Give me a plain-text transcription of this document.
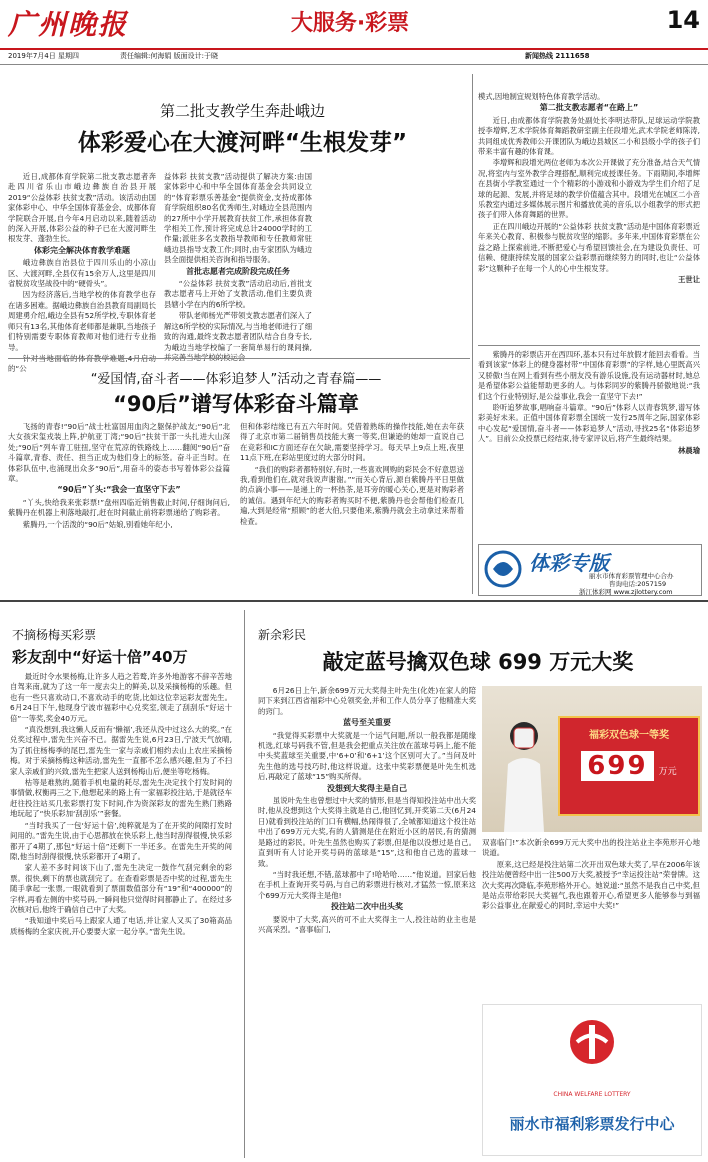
广州晚报	大服务·彩票	14
2019年7月4日 星期四	责任编辑:何海娟 版面设计:于晓	新闻热线 2111658
第二批支教学生奔赴峨边
体彩爱心在大渡河畔“生根发芽”

近日,成都体育学院第二批支教志愿者奔赴四川省乐山市峨边彝族自治县开展2019“公益体彩 扶贫支教”活动。该活动由国家体彩中心、中华全国体育基金会、成都体育学院联合开展,自今年4月启动以来,随着活动的深入开展,体彩公益的种子已在大渡河畔生根发芽、蓬勃生长。

体彩完全解决体育教学难题

峨边彝族自治县位于四川乐山的小凉山区、大渡河畔,全县仅有15余万人,这里是四川省脱贫攻坚战役中的“硬骨头”。

因为经济落后,当地学校的体育教学也存在诸多困难。据峨边彝族自治县教育局副局长周建勇介绍,峨边全县有52所学校,专职体育老师只有13名,其他体育老师都是兼职,当地孩子们特别需要专职体育教师对他们进行专业指导。

的“公

益体彩 扶贫支教”活动提供了解决方案:由国家体彩中心和中华全国体育基金会共同设立的“体育彩票乐善基金”提供资金,支持成都体育学院组织80名优秀师生,对峨边全县范围内的27所中小学开展教育扶贫工作,承担体育教学相关工作,预计将完成总计24000学时的工作量;派驻多名支教指导教师和专任教师常驻峨边县指导支教工作;同时,由专家团队为峨边县全面提供相关咨询和指导服务。

首批志愿者完成阶段完成任务

“公益体彩 扶贫支教”活动启动后,首批支教志愿者马上开始了支教活动,他们主要负责县辖小学在内的6所学校。

带队老师杨光严带领支教志愿者们深入了解这6所学校的实际情况,与当地老师进行了细致的沟通,最终支教志愿者团队结合自身专长,为峨边当地学校编了一套简单易行的课间操,

模式,因地制宜规划特色体育教学活动。

第二批支教志愿者“在路上”

近日,由成都体育学院教务处副处长李明达带队,足球运动学院教授李增辉,艺术学院体育舞蹈教研室副主任段增光,武术学院老师陈涛,共同组成优秀教师公开课团队为峨边县城区二小和县级小学的孩子们带来丰富有趣的体育课。

李增辉和段增光两位老师为本次公开课做了充分准备,结合天气情况,将室内与室外教学合理搭配,顺利完成授课任务。下雨期间,李增辉在县街小学教室通过一个个精彩的小游戏和小游戏为学生们介绍了足球的起源、发展,并将足球的教学价值蕴含其中。段增光在城区二小音乐教室内通过多媒体展示图片和播放优美的音乐,以小组教学的形式把孩子们带入体育舞蹈的世界。

正在四川峨边开展的“公益体彩 扶贫支教”活动是中国体育彩票近年来关心教育、积极参与脱贫攻坚的缩影。多年来,中国体育彩票在公益之路上探索前进,不断把爱心与希望回馈社会,在为建设负责任、可信赖、健康持续发展的国家公益彩票而继续努力的同时,也让“公益体彩”这颗种子在每一个人的心中生根发芽。

王世让
“爱国情,奋斗者——体彩追梦人”活动之青春篇——
“90后”谱写体彩奋斗篇章

飞扬的青春!“90后”战士杜富国用血肉之躯保护战友;“90后”北大女孩宋玺戎装上阵,护航亚丁湾;“90后”扶贫干部一头扎进大山深处;“90后”列车青工驻扭,坚守在荒凉的铁路线上……翻阅“90后”奋斗篇章,青春、责任、担当正成为他们身上的标签。奋斗正当时。在体彩队伍中,也涌现出众多“90后”,用奋斗的姿态书写着体彩公益篇章。

“90后”丫头:“我会一直坚守下去”

“丫头,快给我来张彩票!”盘州四临近销售截止时间,仔细询问后,紫腾丹在机器上利落地敲打,赶在时间截止前将彩票递给了购彩者。

紫腾丹,一个活泼的“90后”姑娘,别看她年纪小,

但和体彩结缘已有五六年时间。凭借着熟练的操作技能,她在去年获得了北京市第二届销售员技能大赛一等奖,但谦逊的她却一直说自己在竞彩和IC方面还存在欠缺,需要坚持学习。每天早上9点上班,夜里11点下班,在彩站里度过的大部分时间。

“我们的购彩者都特别好,有时,一些喜欢网购的彩民会不好意思送我,看到他们在,就对我说声谢谢。”“而关心背后,源自紫腾丹平日里做的点滴小事——是递上的一杯热茶,是耳旁的暖心关心,更是对购彩者的诚信。遇到年纪大的购彩者购买时不便,紫腾丹也会帮他们检查几遍,大到是经常“照顾”的老大伯,只要他来,紫腾丹就会主动拿过来帮着检查。

紫腾丹的彩票店开在西四环,基本只有过年放假才能回去看看。当看到该家“体彩上的健身器材带”中国体育彩票”的字样,她心里既高兴又骄傲!当在网上看到有些小朋友没有游乐设施,没有运动器材时,她总是希望体彩公益能帮助更多的人。与体彩同岁的紫腾丹骄傲地说:“我们这个行业特别好,是公益事业,我会一直坚守下去!”

聆听追梦故事,唱响奋斗篇章。“90后”体彩人以青春筑梦,谱写体彩美好未来。正值中国体育彩票全国统一发行25周年之际,国家体彩中心发起“爱国情,奋斗者——体彩追梦人”活动,寻找25名“体彩追梦人”。目前公众投票已经结束,待专家评议后,将产生最终结果。

林晨瑜
体彩专版
丽水市体育彩票管理中心合办
咨询电话:2057159
浙江体彩网 www.zjlottery.com
不摘杨梅买彩票
彩友刮中“好运十倍”40万

最近时令水果杨梅,让许多人趋之若鹜,许多外地游客不辞辛苦地自驾来南,就为了这一年一度去尖上的鲜美,以及采摘杨梅的乐趣。但也有一些只喜欢动口,不喜欢动手的吃货,比如这位幸运彩友雷先生。6月24日下午,他现身宁波市福彩中心兑奖室,领走了刮刮乐“好运十倍”一等奖,奖金40万元。

“真没想到,我这懒人反而有‘懒福’,我还从没中过这么大的奖。”在兑奖过程中,雷先生兴奋不已。据雷先生说,6月23日,宁波天气放晴,为了抓住杨梅季的尾巴,雷先生一家与亲戚们相约去山上农庄采摘杨梅。对于采摘杨梅这种活动,雷先生一直都不怎么感兴趣,但为了不扫家人亲戚们的兴致,雷先生把家人送到杨梅山后,便坐等吃杨梅。

枯等是难熬的,随着手机电量的耗尽,雷先生决定找个打发时间的事情做,权衡再三之下,他想起来的路上有一家福彩投注站,于是就径车赶往投注站买几张彩票打发下时间,作为资深彩友的雷先生熟门熟路地玩起了“快乐彩加‘刮刮乐’”套餐。

“当时我买了一包‘好运十倍’,纯粹就是为了在开奖的间隙打发时间用的。”雷先生说,由于心思都放在快乐彩上,他当时刮得很慢,快乐彩都开了4期了,那包“好运十倍”还剩下一半还多。在雷先生开奖的间隙,他当时刮得很慢,快乐彩都开了4期了。

家人差不多时间该下山了,雷先生决定一鼓作气刮完剩余的彩票。很快,剩下的票也就刮完了。在查看彩票是否中奖的过程,雷先生随手拿起一张票,一眼就看到了票面数值部分有“19”和“400000”的字样,再看左侧的中奖号码,一瞬间他只觉得时间都静止了。在经过多次核对后,他终于确信自己中了大奖。

“我知道中奖后马上跟家人通了电话,并让家人又买了30箱高品质杨梅的全家庆祝,开心要要大家一起分享。”雷先生说。

新余彩民
敲定蓝号擒双色球 699 万元大奖

6月26日上午,新余699万元大奖得主叶先生(化姓)在家人的陪同下来到江西省福彩中心兑领奖金,并和工作人员分享了他精准大奖的窍门。

蓝号至关重要

“我觉得买彩票中大奖就是一个运气问题,所以一般我都是随缘机选,红球号码我不管,但是我会把重点关注放在蓝球号码上,能不能中头奖蓝球至关重要,中‘6+0’和‘6+1’这个区别可大了。”当问及叶先生他的选号技巧时,他这样说道。这张中奖彩票便是叶先生机选后,再敲定了蓝球“15”购买所得。

没想到大奖得主是自己

虽说叶先生也曾想过中大奖的情形,但是当得知投注站中出大奖时,他从没想到这个大奖得主就是自己,他回忆到,开奖第二天(6月24日)就看到投注站的门口有横幅,热闹得很了,全城都知道这个投注站中出了699万元大奖,有的人猜测是住在附近小区的居民,有的猜测是路过的彩民。叶先生虽然也购买了彩票,但是他以没想过是自己。直到听有人讨论开奖号码的蓝球是“15”,这和他自己选的蓝球一致。

“当时我还想,不错,蓝球都中了!哈哈哈……”他说道。回家后他在手机上查询开奖号码,与自己的彩票进行核对,才猛然一惊,原来这个699万元大奖得主是他!

投注站二次中出头奖

要说中了大奖,高兴的可不止大奖得主一人,投注站的业主也是兴高采烈。“喜事临门,

福彩双色球一等奖
699 万元

双喜临门!”本次新余699万元大奖中出的投注站业主李苑形开心地说道。

原来,这已经是投注站第二次开出双色球大奖了,早在2006年该投注站便曾经中出一注500万大奖,被授予“幸运投注站”荣誉牌。这次大奖再次降临,李苑形格外开心。她说道:“虽然不是我自己中奖,但是站点带给彩民大奖福气,我也跟着开心,希望更多人能够参与到福彩公益事业,在献爱心的同时,幸运中大奖!”

中国福利彩票
CHINA WELFARE LOTTERY
丽水市福利彩票发行中心
